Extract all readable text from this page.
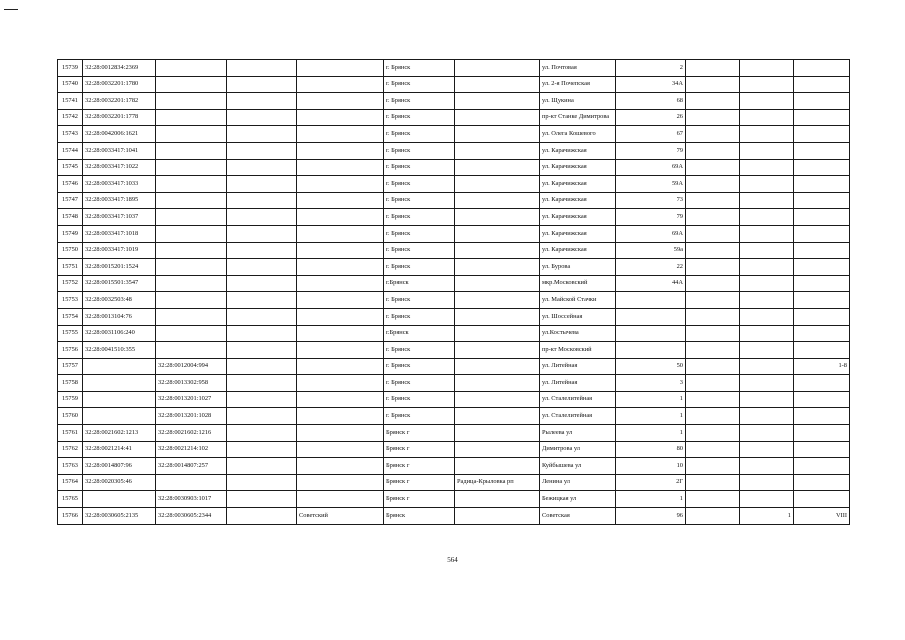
15739	32:28:0012834:2369				г. Брянск		ул. Почтовая	2			
15740	32:28:0032201:1780				г. Брянск		ул. 2-я Почепская	34А			
15741	32:28:0032201:1782				г. Брянск		ул. Щукина	68			
15742	32:28:0032201:1778				г. Брянск		пр-кт Станке Димитрова	26			
15743	32:28:0042006:1621				г. Брянск		ул. Олега Кошевого	67			
15744	32:28:0033417:1041				г. Брянск		ул. Карачижская	79			
15745	32:28:0033417:1022				г. Брянск		ул. Карачижская	69А			
15746	32:28:0033417:1033				г. Брянск		ул. Карачижская	59А			
15747	32:28:0033417:1895				г. Брянск		ул. Карачижская	73			
15748	32:28:0033417:1037				г. Брянск		ул. Карачижская	79			
15749	32:28:0033417:1018				г. Брянск		ул. Карачижская	69А			
15750	32:28:0033417:1019				г. Брянск		ул. Карачижская	59а			
15751	32:28:0015201:1524				г. Брянск		ул. Бурова	22			
15752	32:28:0015501:3547				г.Брянск		мкр.Московский	44А			
15753	32:28:0032503:48				г. Брянск		ул. Майской Стачки				
15754	32:28:0013104:76				г. Брянск		ул. Шоссейная				
15755	32:28:0031106:240				г.Брянск		ул.Костычева				
15756	32:28:0041510:355				г. Брянск		пр-кт Московский				
15757		32:28:0012004:994			г. Брянск		ул. Литейная	50			1-8
15758		32:28:0013302:958			г. Брянск		ул. Литейная	3			
15759		32:28:0013201:1027			г. Брянск		ул. Сталелитейная	1			
15760		32:28:0013201:1028			г. Брянск		ул. Сталелитейная	1			
15761	32:28:0021602:1213	32:28:0021602:1216			Брянск г		Рылеева ул	1			
15762	32:28:0021214:41	32:28:0021214:102			Брянск г		Димитрова ул	80			
15763	32:28:0014807:96	32:28:0014807:257			Брянск г		Куйбышева ул	10			
15764	32:28:0020305:46				Брянск г	Радица-Крыловка рп	Ленина ул	2Г			
15765		32:28:0030903:1017			Брянск г		Бежицкая ул	1			
15766	32:28:0030605:2135	32:28:0030605:2344		Советский	Брянск		Советская	96		1	VIII
564
